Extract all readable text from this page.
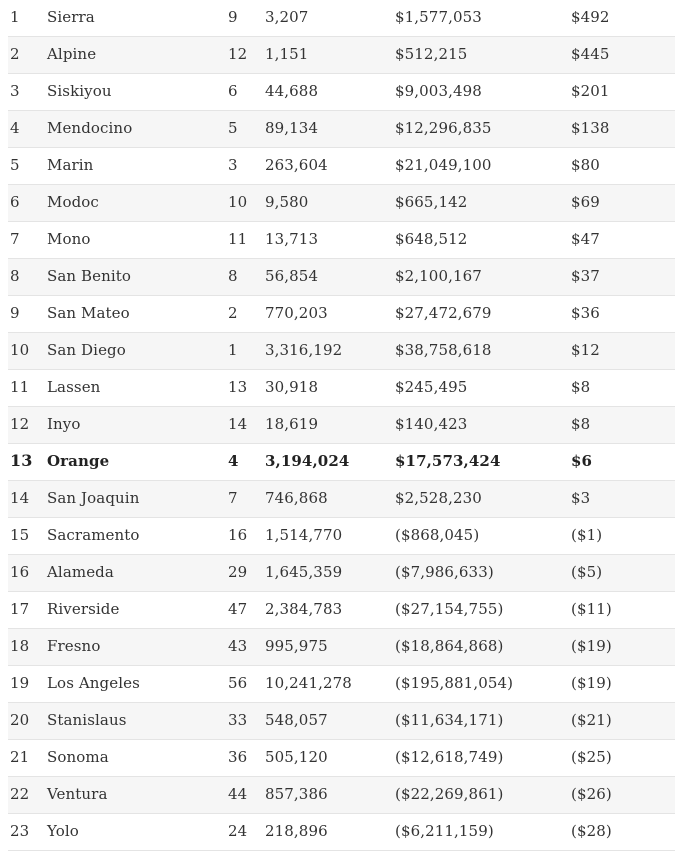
1 Sierra	9 3,207	$1,577,053	$492
2 Alpine	12 1,151	$512,215	$445
3 Siskiyou	6 44,688	$9,003,498	$201
4 Mendocino	5 89,134	$12,296,835	$138
5 Marin	3 263,604	$21,049,100	$80
6 Modoc	10 9,580	$665,142	$69
7 Mono	11 13,713	$648,512	$47
8 San Benito	8 56,854	$2,100,167	$37
9 San Mateo	2 770,203	$27,472,679	$36
10 San Diego	1 3,316,192	$38,758,618	$12
11 Lassen	13 30,918	$245,495	$8
12 Inyo	14 18,619	$140,423	$8
13 Orange	4 3,194,024	$17,573,424	$6
14 San Joaquin	7 746,868	$2,528,230	$3
15 Sacramento	16 1,514,770	($868,045)	($1)
16 Alameda	29 1,645,359	($7,986,633)	($5)
17 Riverside	47 2,384,783	($27,154,755)	($11)
18 Fresno	43 995,975	($18,864,868)	($19)
19 Los Angeles	56 10,241,278	($195,881,054)	($19)
20 Stanislaus	33 548,057	($11,634,171)	($21)
21 Sonoma	36 505,120	($12,618,749)	($25)
22 Ventura	44 857,386	($22,269,861)	($26)
23 Yolo	24 218,896	($6,211,159)	($28)
